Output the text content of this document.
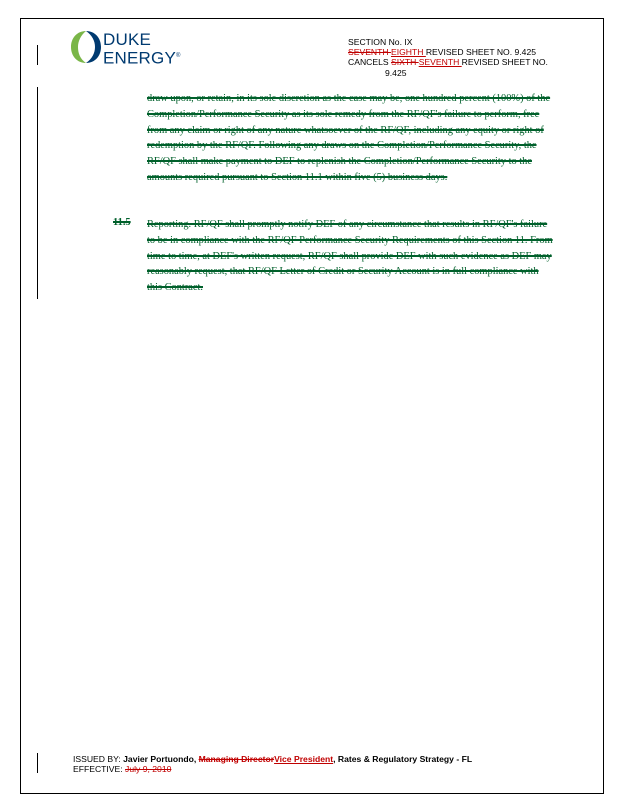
DUKE
ENERGY®
SECTION No. IX
SEVENTH EIGHTH REVISED SHEET NO. 9.425
CANCELS SIXTH SEVENTH REVISED SHEET NO.
9.425
draw upon, or retain, in its sole discretion as the case may be, one hundred percent (100%) of the Completion/Performance Security as its sole remedy from the RF/QF's failure to perform, free from any claim or right of any nature whatsoever of the RF/QF, including any equity or right of redemption by the RF/QF. Following any draws on the Completion/Performance Security, the RF/QF shall make payment to DEF to replenish the Completion/Performance Security to the amounts required pursuant to Section 11.1 within five (5) business days.
11.5 Reporting. RF/QF shall promptly notify DEF of any circumstance that results in RF/QF's failure to be in compliance with the RF/QF Performance Security Requirements of this Section 11. From time to time, at DEF's written request, RF/QF shall provide DEF with such evidence as DEF may reasonably request, that RF/QF Letter of Credit or Security Account is in full compliance with this Contract.
ISSUED BY: Javier Portuondo, Managing DirectorVice President, Rates & Regulatory Strategy - FL
EFFECTIVE: July 9, 2010
